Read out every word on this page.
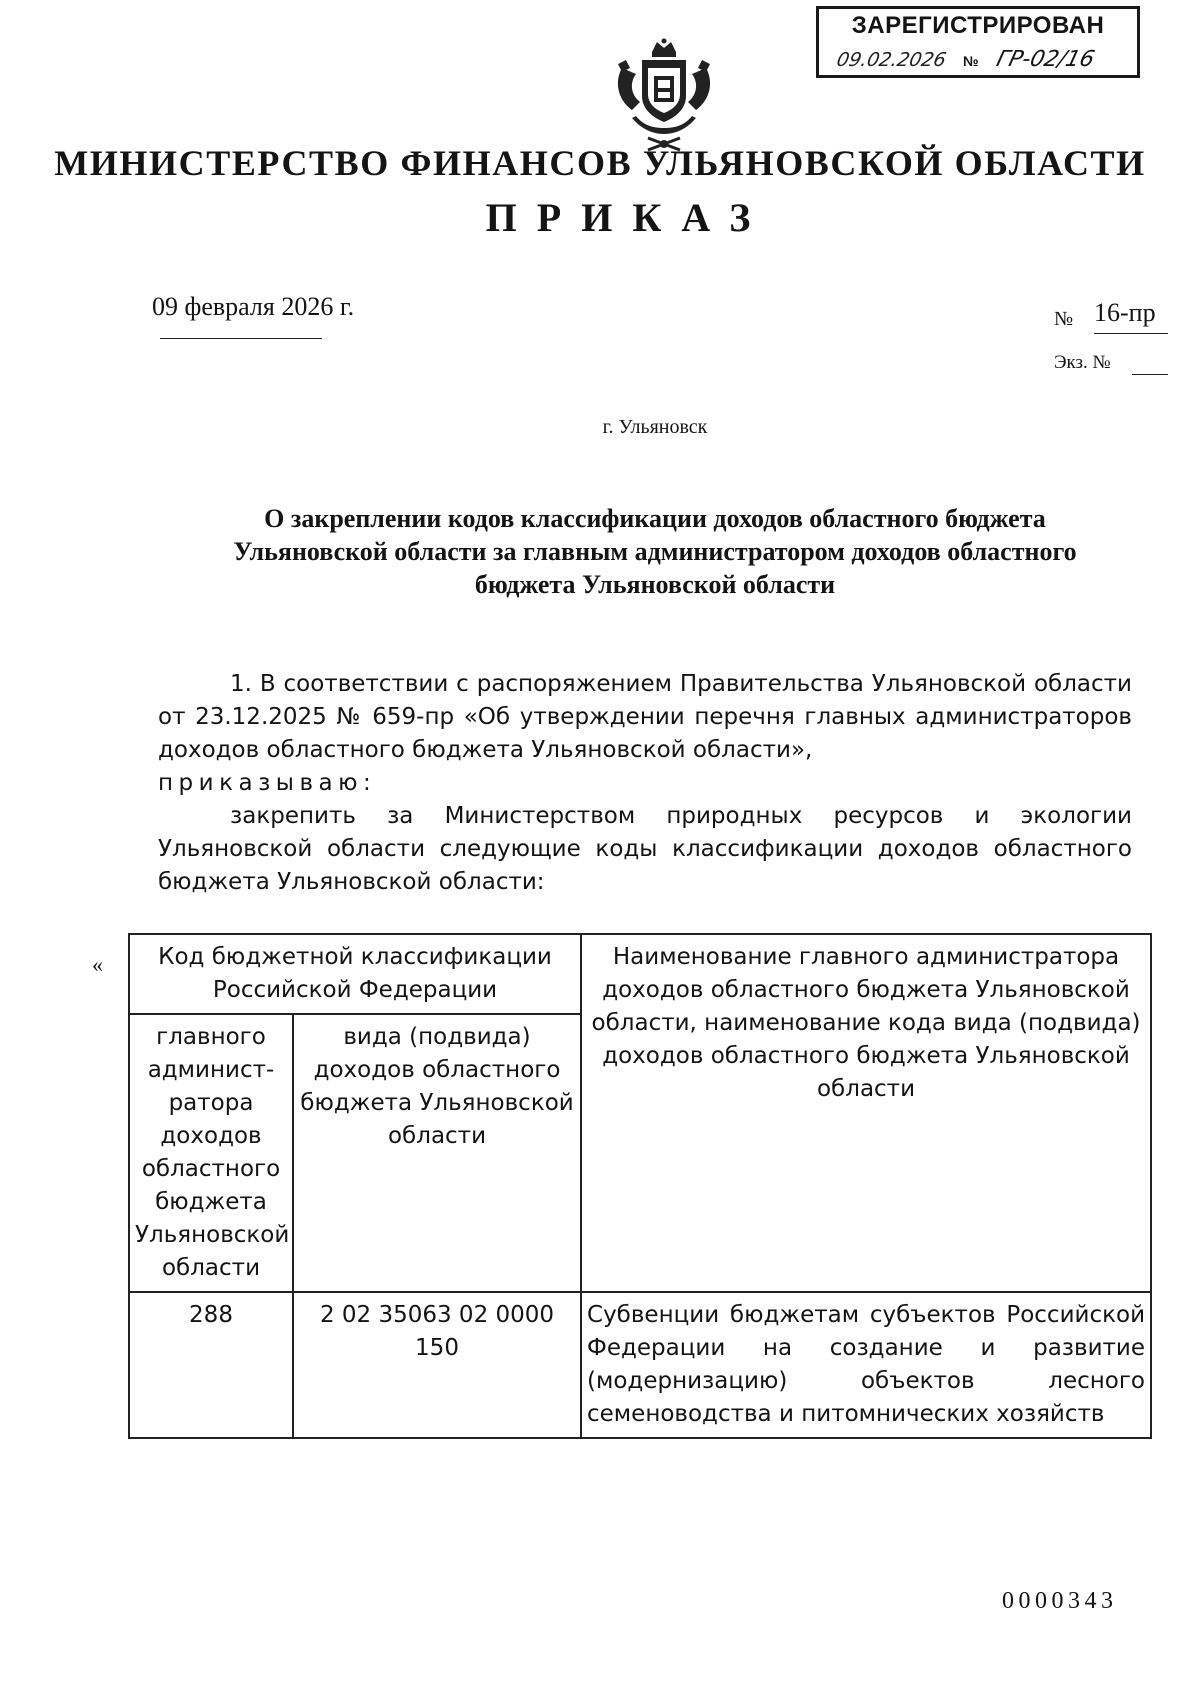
ЗАРЕГИСТРИРОВАН
09.02.2026 № ГР-02/16
МИНИСТЕРСТВО ФИНАНСОВ УЛЬЯНОВСКОЙ ОБЛАСТИ
ПРИКАЗ
09 февраля 2026 г.	№ 16-пр
Экз. №
г. Ульяновск
О закреплении кодов классификации доходов областного бюджета Ульяновской области за главным администратором доходов областного бюджета Ульяновской области

1. В соответствии с распоряжением Правительства Ульяновской области от 23.12.2025 № 659-пр «Об утверждении перечня главных администраторов доходов областного бюджета Ульяновской области»,

приказываю:

закрепить за Министерством природных ресурсов и экологии Ульяновской области следующие коды классификации доходов областного бюджета Ульяновской области:

« Код бюджетной классификации Российской Федерации		Наименование главного администратора доходов областного бюджета Ульяновской области, наименование кода вида (подвида) доходов областного бюджета Ульяновской области
главного админист-ратора доходов областного бюджета Ульяновской области	вида (подвида) доходов областного бюджета Ульяновской области	
288	2 02 35063 02 0000 150	Субвенции бюджетам субъектов Российской Федерации на создание и развитие (модернизацию) объектов лесного семеноводства и питомнических хозяйств
0000343
